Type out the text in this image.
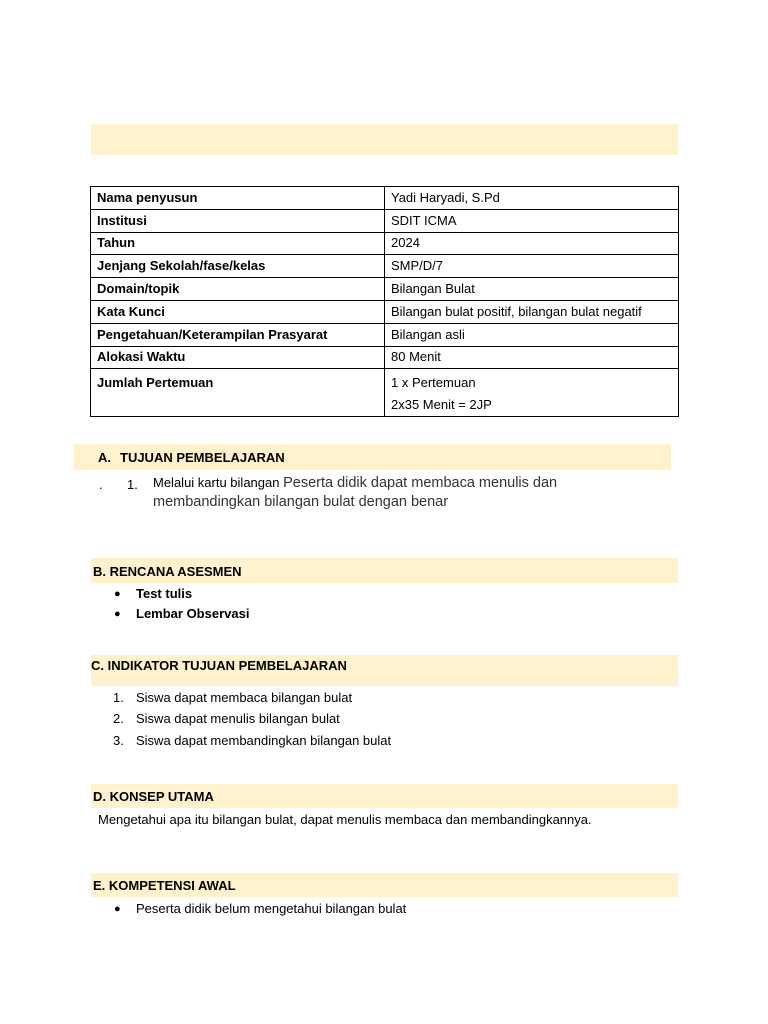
Nama penyusun	Yadi Haryadi, S.Pd
Institusi	SDIT ICMA
Tahun	2024
Jenjang Sekolah/fase/kelas	SMP/D/7
Domain/topik	Bilangan Bulat
Kata Kunci	Bilangan bulat positif, bilangan bulat negatif
Pengetahuan/Keterampilan Prasyarat	Bilangan asli
Alokasi Waktu	80 Menit

Jumlah Pertemuan	1 x Pertemuan
2x35 Menit = 2JP
A. TUJUAN PEMBELAJARAN
. 1. Melalui kartu bilangan Peserta didik dapat membaca menulis dan
membandingkan bilangan bulat dengan benar
B. RENCANA ASESMEN
● Test tulis
● Lembar Observasi
C. INDIKATOR TUJUAN PEMBELAJARAN
1. Siswa dapat membaca bilangan bulat
2. Siswa dapat menulis bilangan bulat
3. Siswa dapat membandingkan bilangan bulat
D. KONSEP UTAMA
Mengetahui apa itu bilangan bulat, dapat menulis membaca dan membandingkannya.
E. KOMPETENSI AWAL
● Peserta didik belum mengetahui bilangan bulat
